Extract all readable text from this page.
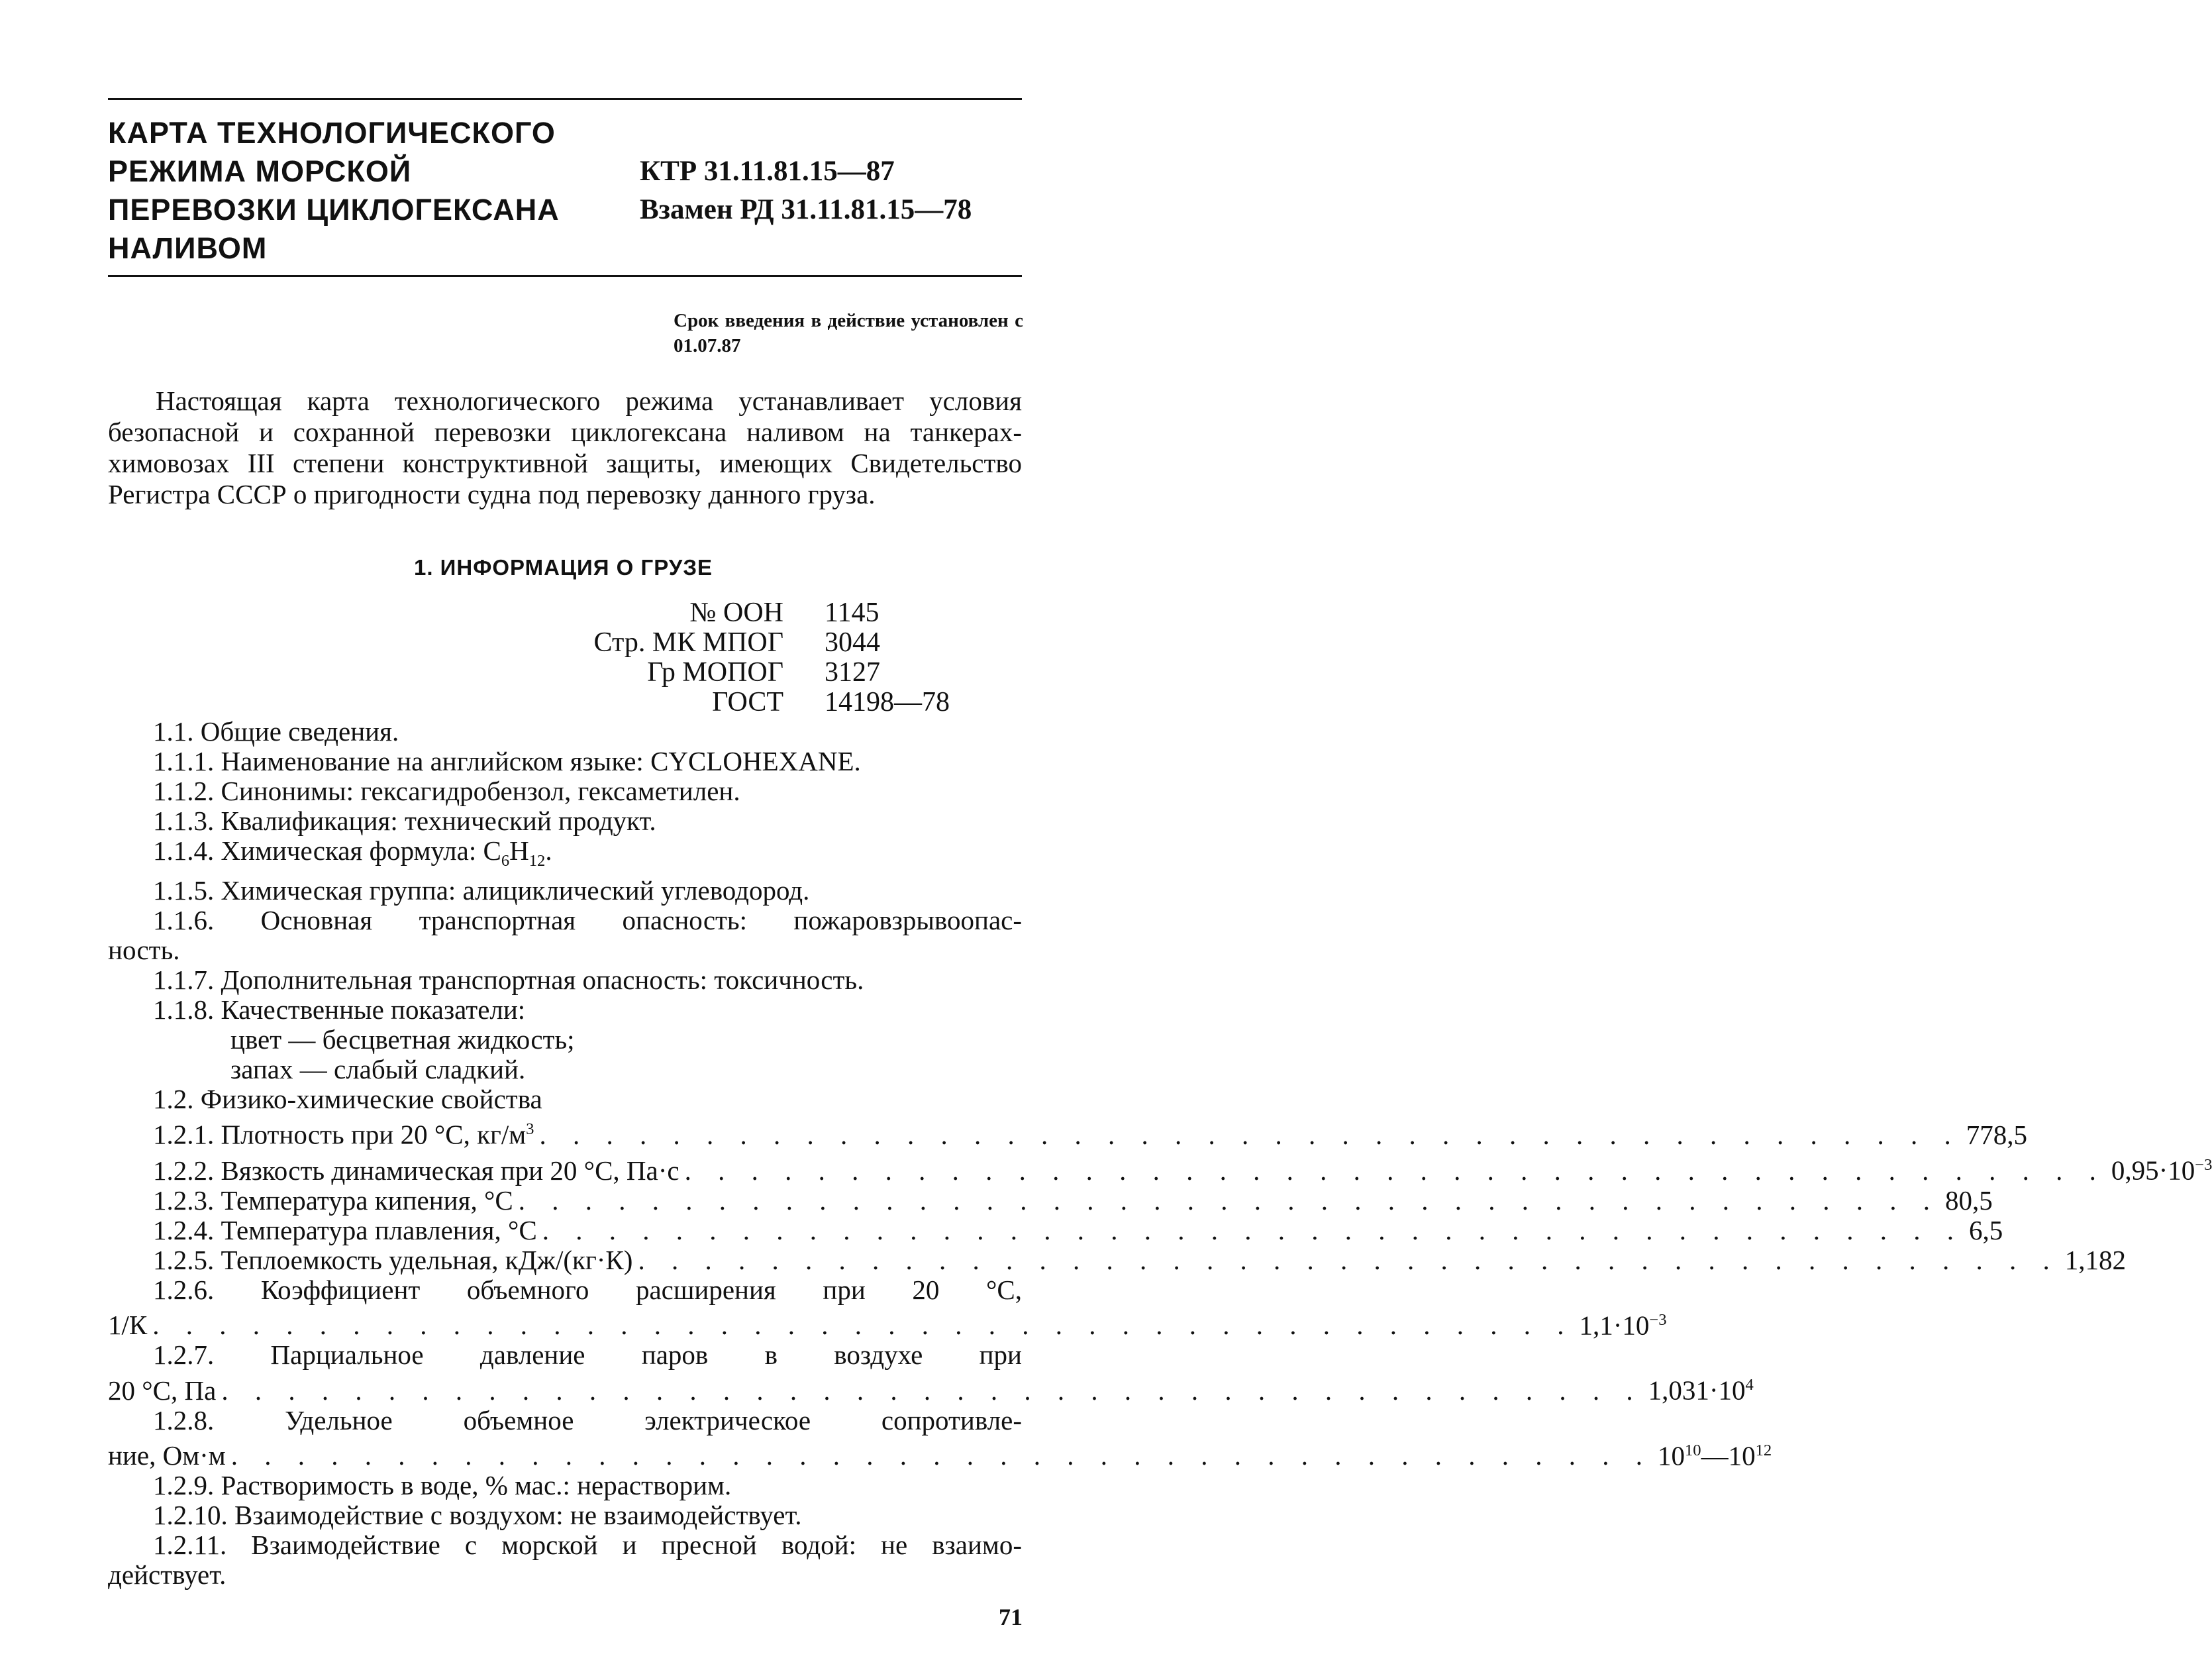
КАРТА ТЕХНОЛОГИЧЕСКОГО
РЕЖИМА МОРСКОЙ
ПЕРЕВОЗКИ ЦИКЛОГЕКСАНА
НАЛИВОМ
КТР 31.11.81.15—87
Взамен РД 31.11.81.15—78
Срок введения в действие установлен с 01.07.87
Настоящая карта технологического режима устанавливает условия безопасной и сохранной перевозки циклогексана наливом на танкерах-химовозах III степени конструктивной защиты, имеющих Свидетельство Регистра СССР о пригодности судна под перевозку данного груза.
1. ИНФОРМАЦИЯ О ГРУЗЕ
№ ООН 1145
Стр. МК МПОГ 3044
Гр МОПОГ 3127
ГОСТ 14198—78
1.1. Общие сведения.
1.1.1. Наименование на английском языке: CYCLOHEXANE.
1.1.2. Синонимы: гексагидробензол, гексаметилен.
1.1.3. Квалификация: технический продукт.
1.1.4. Химическая формула: $C_6H_{12}$.
1.1.5. Химическая группа: алициклический углеводород.
1.1.6. Основная транспортная опасность: пожаровзрывоопас-
ность.
1.1.7. Дополнительная транспортная опасность: токсичность.
1.1.8. Качественные показатели:
цвет — бесцветная жидкость;
запах — слабый сладкий.
1.2. Физико-химические свойства
1.2.1. Плотность при 20 °С, $кг/м^3$ . . . . . . . . . . . . . . . . . . . . . . . . . . . . . . . . . . . . . . . . . . . 778,5
1.2.2. Вязкость динамическая при 20 °С, Па·с . . . . . . . . . . . . . . . . . . . . . . . . . . . . . . . . . . . . . . . . . . . $0,95\cdot 10^{-3}$
1.2.3. Температура кипения, °С . . . . . . . . . . . . . . . . . . . . . . . . . . . . . . . . . . . . . . . . . . . 80,5
1.2.4. Температура плавления, °С . . . . . . . . . . . . . . . . . . . . . . . . . . . . . . . . . . . . . . . . . . . 6,5
1.2.5. Теплоемкость удельная, кДж/(кг·К) . . . . . . . . . . . . . . . . . . . . . . . . . . . . . . . . . . . . . . . . . . . 1,182
1.2.6. Коэффициент объемного расширения при 20 °С,
1/К . . . . . . . . . . . . . . . . . . . . . . . . . . . . . . . . . . . . . . . . . . . $1,1\cdot 10^{-3}$
1.2.7. Парциальное давление паров в воздухе при
20 °С, Па . . . . . . . . . . . . . . . . . . . . . . . . . . . . . . . . . . . . . . . . . . . $1,031\cdot 10^4$
1.2.8. Удельное объемное электрическое сопротивле-
ние, Ом·м . . . . . . . . . . . . . . . . . . . . . . . . . . . . . . . . . . . . . . . . . . . $10^{10}—10^{12}$
1.2.9. Растворимость в воде, % мас.: нерастворим.
1.2.10. Взаимодействие с воздухом: не взаимодействует.
1.2.11. Взаимодействие с морской и пресной водой: не взаимо-
действует.
71
